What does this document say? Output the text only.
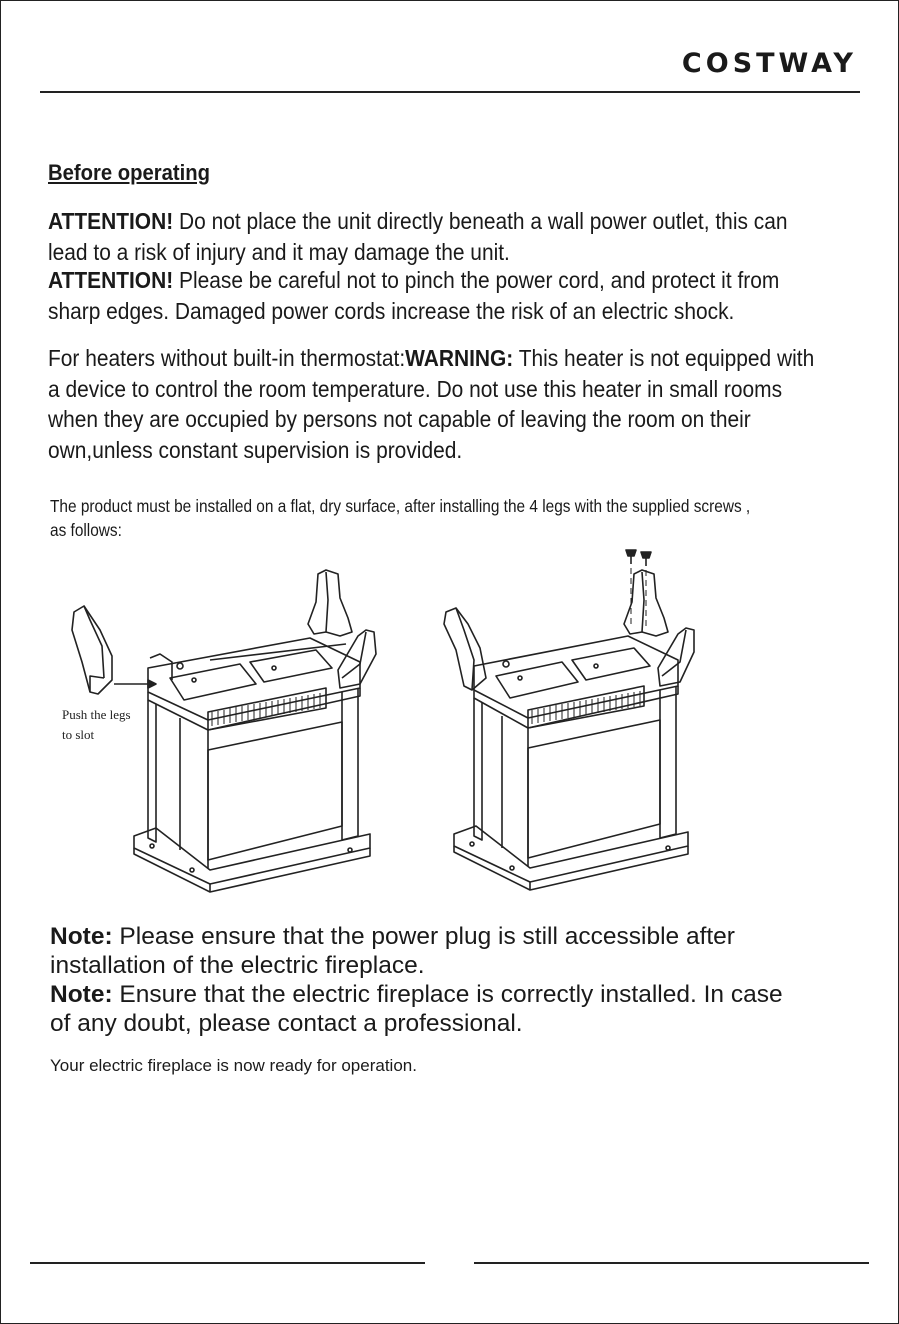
COSTWAY
Before operating
ATTENTION! Do not place the unit directly beneath a wall power outlet, this can
lead to a risk of injury and it may damage the unit.
ATTENTION! Please be careful not to pinch the power cord, and protect it from
sharp edges. Damaged power cords increase the risk of an electric shock.
For heaters without built-in thermostat:WARNING: This heater is not equipped with
a device to control the room temperature. Do not use this heater in small rooms
when they are occupied by persons not capable of leaving the room on their
own,unless constant supervision is provided.
The product must be installed on a flat, dry surface, after installing the 4 legs with the supplied screws ,
as follows:
Push the legs
to slot
Note: Please ensure that the power plug is still accessible after
installation of the electric fireplace.
Note: Ensure that the electric fireplace is correctly installed. In case
of any doubt, please contact a professional.
Your electric fireplace is now ready for operation.
